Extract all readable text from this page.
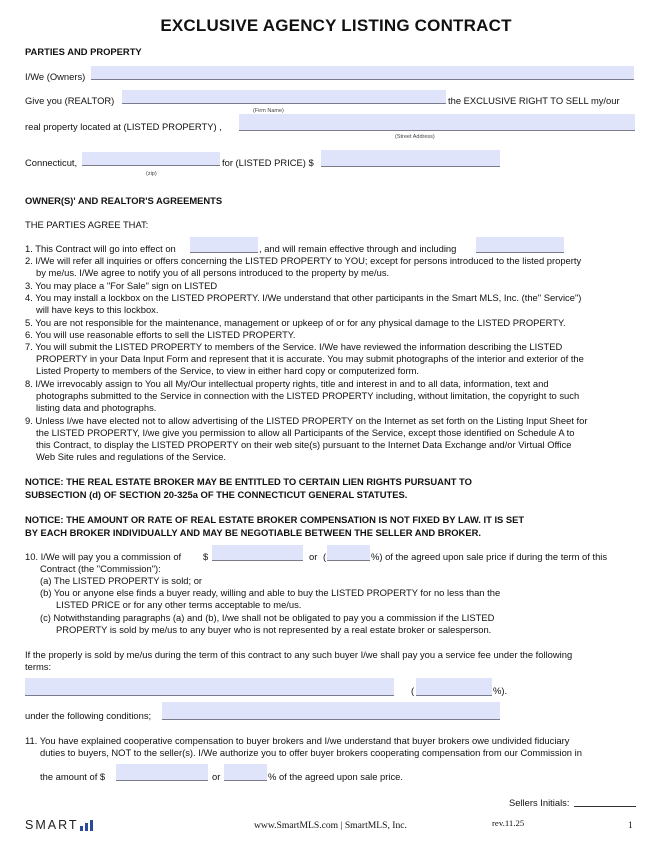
EXCLUSIVE AGENCY LISTING CONTRACT
PARTIES AND PROPERTY
I/We (Owners)
Give you (REALTOR)	the EXCLUSIVE RIGHT TO SELL my/our
(Firm Name)
real property located at (LISTED PROPERTY) ,
(Street Address)
Connecticut,
(zip)
for (LISTED PRICE) $
OWNER(S)' AND REALTOR'S AGREEMENTS
THE PARTIES AGREE THAT:
1. This Contract will go into effect on	, and will remain effective through and including
2. I/We will refer all inquiries or offers concerning the LISTED PROPERTY to YOU; except for persons introduced to the listed property
by me/us. I/We agree to notify you of all persons introduced to the property by me/us.
3. You may place a "For Sale" sign on LISTED
4. You may install a lockbox on the LISTED PROPERTY. I/We understand that other participants in the Smart MLS, Inc. (the" Service")
will have keys to this lockbox.
5. You are not responsible for the maintenance, management or upkeep of or for any physical damage to the LISTED PROPERTY.
6. You will use reasonable efforts to sell the LISTED PROPERTY.
7. You will submit the LISTED PROPERTY to members of the Service. I/We have reviewed the information describing the LISTED
PROPERTY in your Data Input Form and represent that it is accurate. You may submit photographs of the interior and exterior of the
Listed Property to members of the Service, to view in either hard copy or computerized form.
8. I/We irrevocably assign to You all My/Our intellectual property rights, title and interest in and to all data, information, text and
photographs submitted to the Service in connection with the LISTED PROPERTY including, without limitation, the copyright to such
listing data and photographs.
9. Unless I/we have elected not to allow advertising of the LISTED PROPERTY on the Internet as set forth on the Listing Input Sheet for
the LISTED PROPERTY, I/we give you permission to allow all Participants of the Service, except those identified on Schedule A to
this Contract, to display the LISTED PROPERTY on their web site(s) pursuant to the Internet Data Exchange and/or Virtual Office
Web Site rules and regulations of the Service.
NOTICE: THE REAL ESTATE BROKER MAY BE ENTITLED TO CERTAIN LIEN RIGHTS PURSUANT TO
SUBSECTION (d) OF SECTION 20-325a OF THE CONNECTICUT GENERAL STATUTES.
NOTICE: THE AMOUNT OR RATE OF REAL ESTATE BROKER COMPENSATION IS NOT FIXED BY LAW. IT IS SET
BY EACH BROKER INDIVIDUALLY AND MAY BE NEGOTIABLE BETWEEN THE SELLER AND BROKER.
10. I/We will pay you a commission of $	or (	%) of the agreed upon sale price if during the term of this
Contract (the "Commission"):
(a) The LISTED PROPERTY is sold; or
(b) You or anyone else finds a buyer ready, willing and able to buy the LISTED PROPERTY for no less than the
LISTED PRICE or for any other terms acceptable to me/us.
(c) Notwithstanding paragraphs (a) and (b), I/we shall not be obligated to pay you a commission if the LISTED
PROPERTY is sold by me/us to any buyer who is not represented by a real estate broker or salesperson.
If the properly is sold by me/us during the term of this contract to any such buyer I/we shall pay you a service fee under the following
terms:
(	%).
under the following conditions;
11. You have explained cooperative compensation to buyer brokers and I/we understand that buyer brokers owe undivided fiduciary
duties to buyers, NOT to the seller(s). I/We authorize you to offer buyer brokers cooperating compensation from our Commission in
the amount of $	or	% of the agreed upon sale price.
Sellers Initials:
SMART	www.SmartMLS.com | SmartMLS, Inc.	rev.11.25	1
